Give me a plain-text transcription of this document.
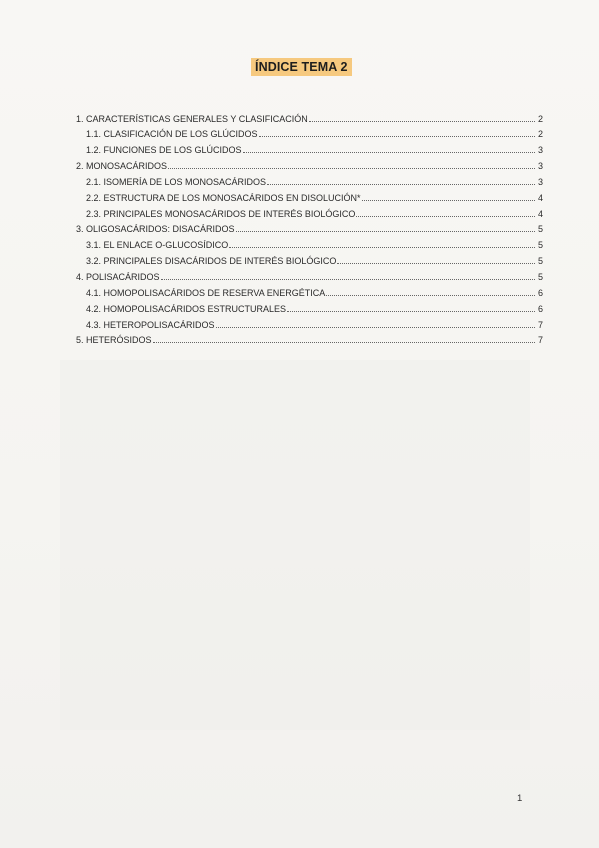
ÍNDICE TEMA 2
1. CARACTERÍSTICAS GENERALES Y CLASIFICACIÓN	2
1.1. CLASIFICACIÓN DE LOS GLÚCIDOS	2
1.2. FUNCIONES DE LOS GLÚCIDOS	3
2. MONOSACÁRIDOS	3
2.1. ISOMERÍA DE LOS MONOSACÁRIDOS	3
2.2. ESTRUCTURA DE LOS MONOSACÁRIDOS EN DISOLUCIÓN*	4
2.3. PRINCIPALES MONOSACÁRIDOS DE INTERÉS BIOLÓGICO	4
3. OLIGOSACÁRIDOS: DISACÁRIDOS	5
3.1. EL ENLACE O-GLUCOSÍDICO	5
3.2. PRINCIPALES DISACÁRIDOS DE INTERÉS BIOLÓGICO	5
4. POLISACÁRIDOS	5
4.1. HOMOPOLISACÁRIDOS DE RESERVA ENERGÉTICA	6
4.2. HOMOPOLISACÁRIDOS ESTRUCTURALES	6
4.3. HETEROPOLISACÁRIDOS	7
5. HETERÓSIDOS	7
1
